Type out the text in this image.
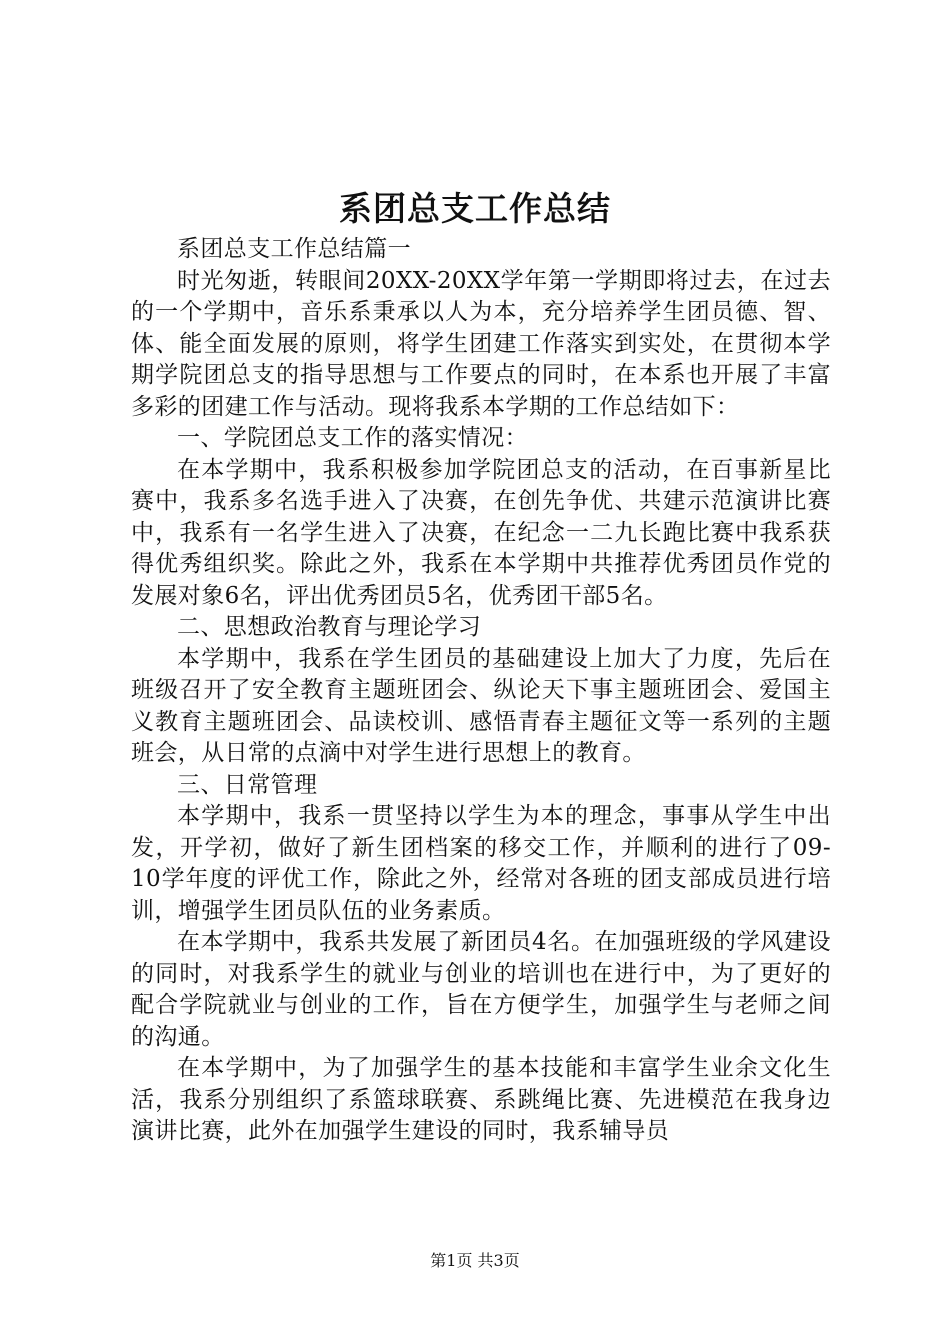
系团总支工作总结

系团总支工作总结篇一

时光匆逝，转眼间20XX-20XX学年第一学期即将过去，在过去的一个学期中，音乐系秉承以人为本，充分培养学生团员德、智、体、能全面发展的原则，将学生团建工作落实到实处，在贯彻本学期学院团总支的指导思想与工作要点的同时，在本系也开展了丰富多彩的团建工作与活动。现将我系本学期的工作总结如下：

一、学院团总支工作的落实情况：

在本学期中，我系积极参加学院团总支的活动，在百事新星比赛中，我系多名选手进入了决赛，在创先争优、共建示范演讲比赛中，我系有一名学生进入了决赛，在纪念一二九长跑比赛中我系获得优秀组织奖。除此之外，我系在本学期中共推荐优秀团员作党的发展对象6名，评出优秀团员5名，优秀团干部5名。

二、思想政治教育与理论学习

本学期中，我系在学生团员的基础建设上加大了力度，先后在班级召开了安全教育主题班团会、纵论天下事主题班团会、爱国主义教育主题班团会、品读校训、感悟青春主题征文等一系列的主题班会，从日常的点滴中对学生进行思想上的教育。

三、日常管理

本学期中，我系一贯坚持以学生为本的理念，事事从学生中出发，开学初，做好了新生团档案的移交工作，并顺利的进行了09-10学年度的评优工作，除此之外，经常对各班的团支部成员进行培训，增强学生团员队伍的业务素质。

在本学期中，我系共发展了新团员4名。在加强班级的学风建设的同时，对我系学生的就业与创业的培训也在进行中，为了更好的配合学院就业与创业的工作，旨在方便学生，加强学生与老师之间的沟通。

在本学期中，为了加强学生的基本技能和丰富学生业余文化生活，我系分别组织了系篮球联赛、系跳绳比赛、先进模范在我身边演讲比赛，此外在加强学生建设的同时，我系辅导员

第1页 共3页
